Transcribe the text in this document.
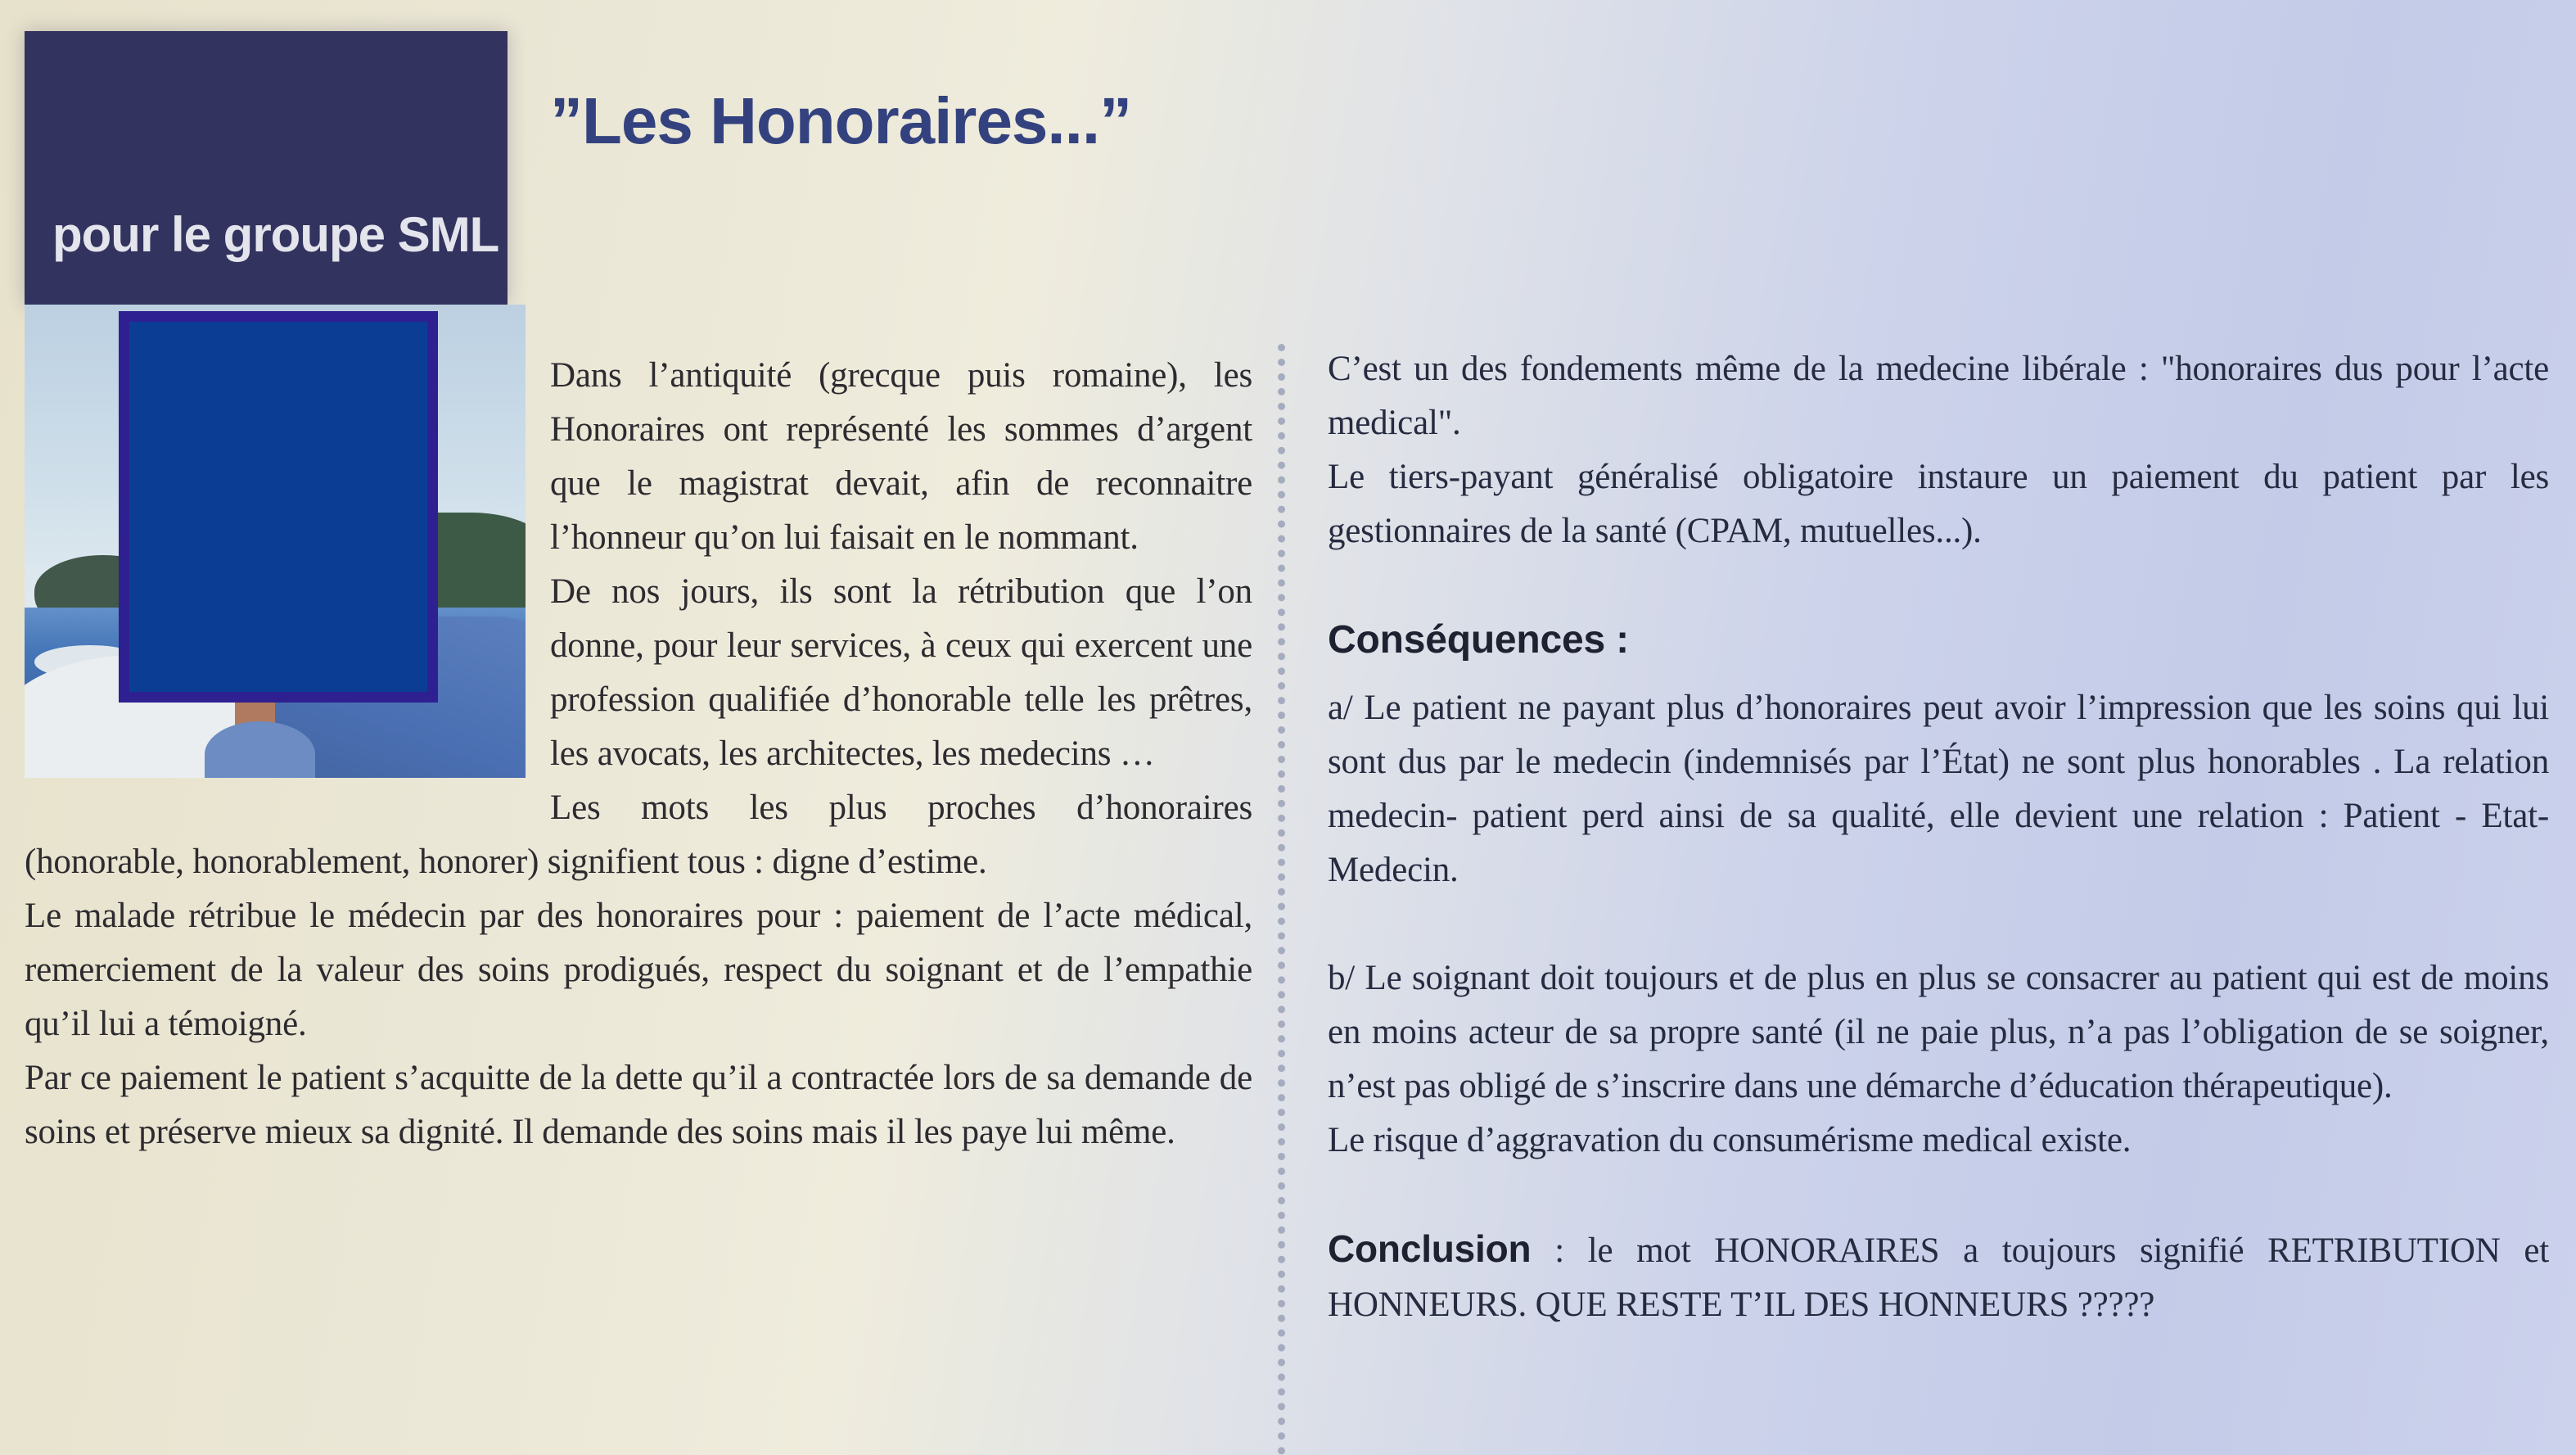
pour le groupe SML
”Les Honoraires...”

Dans l’antiquité (grecque puis romaine), les Honoraires ont représenté les sommes d’argent que le magistrat devait, afin de reconnaitre l’honneur qu’on lui faisait en le nommant.

De nos jours, ils sont la rétribution que l’on donne, pour leur services, à ceux qui exercent une profession qualifiée d’honorable telle les prêtres, les avocats, les architectes, les medecins …

Les mots les plus proches d’honoraires (honorable, honorablement, honorer) signifient tous : digne d’estime.

Le malade rétribue le médecin par des honoraires pour : paiement de l’acte médical, remerciement de la valeur des soins prodigués, respect du soignant et de l’empathie qu’il lui a témoigné.

Par ce paiement le patient s’acquitte de la dette qu’il a contractée lors de sa demande de soins et préserve mieux sa dignité. Il demande des soins mais il les paye lui même.

C’est un des fondements même de la medecine libérale : "honoraires dus pour l’acte medical".

Le tiers-payant généralisé obligatoire instaure un paiement du patient par les gestionnaires de la santé (CPAM, mutuelles...).

Conséquences :

a/ Le patient ne payant plus d’honoraires peut avoir l’impression que les soins qui lui sont dus par le medecin (indemnisés par l’État) ne sont plus honorables . La relation medecin- patient perd ainsi de sa qualité, elle devient une relation : Patient - Etat- Medecin.

b/ Le soignant doit toujours et de plus en plus se consacrer au patient qui est de moins en moins acteur de sa propre santé (il ne paie plus, n’a pas l’obligation de se soigner, n’est pas obligé de s’inscrire dans une démarche d’éducation thérapeutique).

Le risque d’aggravation du consumérisme medical existe.

Conclusion : le mot HONORAIRES a toujours signifié RETRIBUTION et HONNEURS. QUE RESTE T’IL DES HONNEURS ?????
